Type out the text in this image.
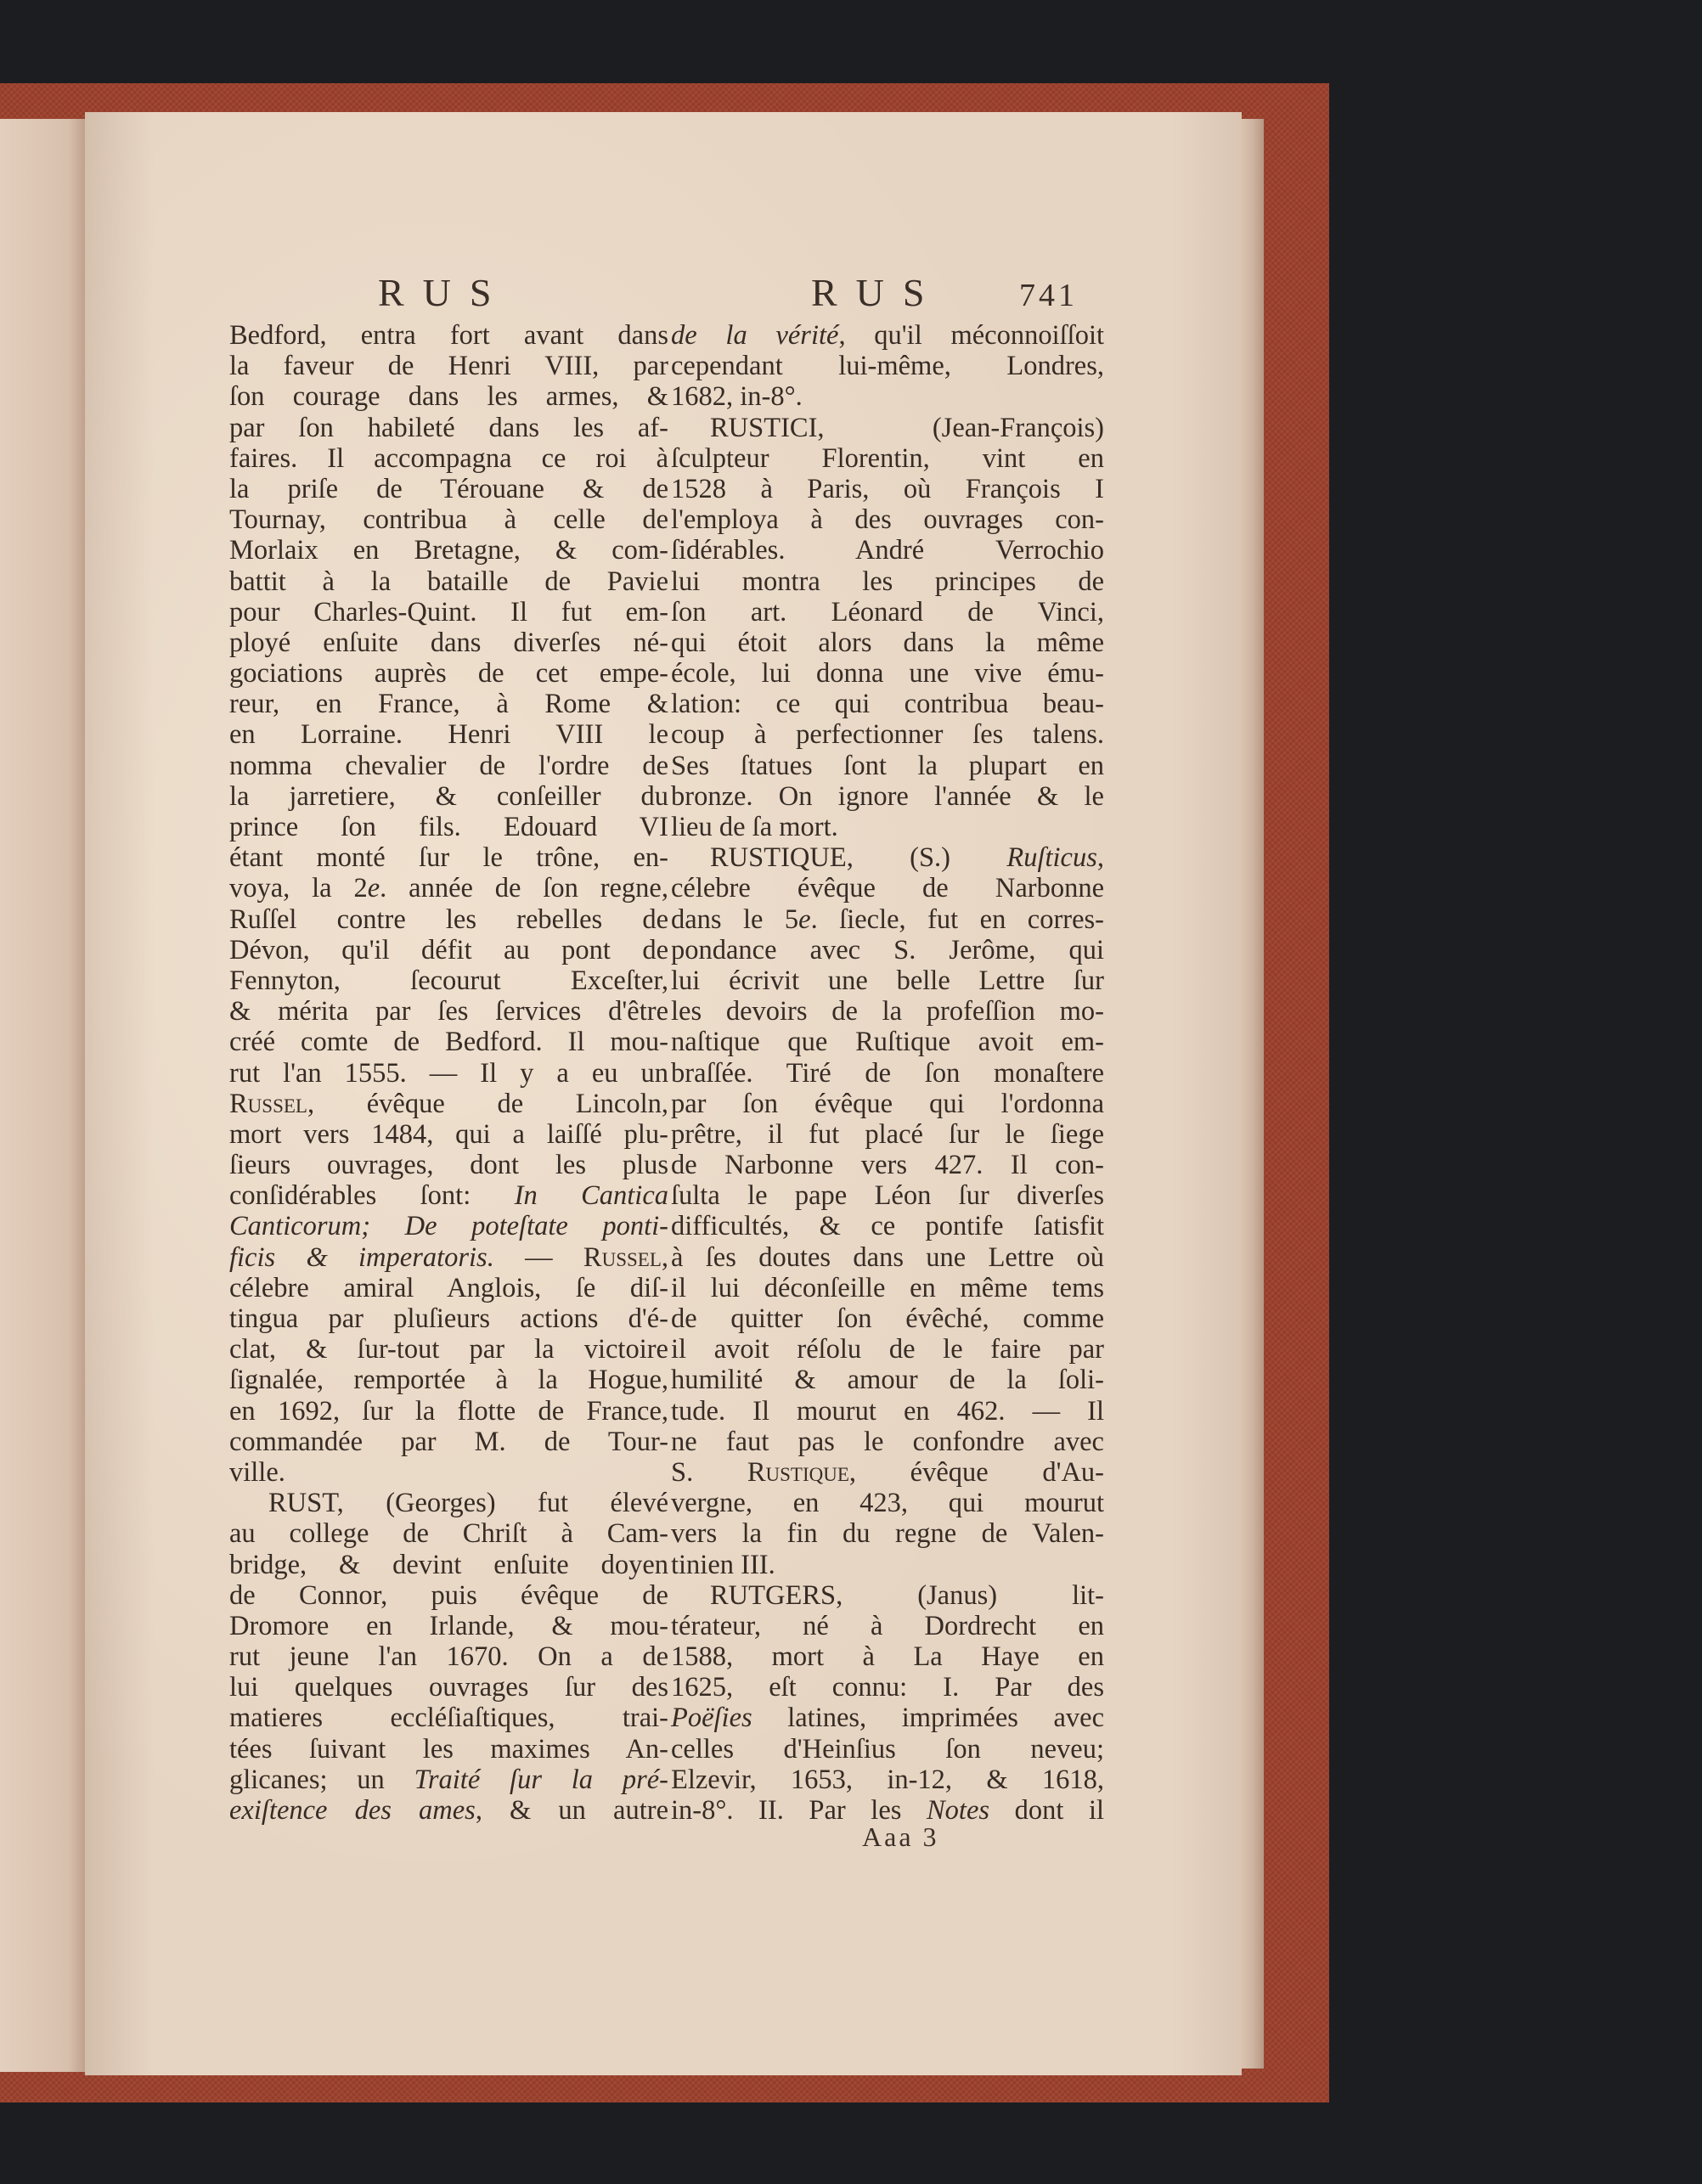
RUS	RUS 741
Bedford, entra fort avant dans
la faveur de Henri VIII, par
ſon courage dans les armes, &
par ſon habileté dans les af-
faires. Il accompagna ce roi à
la priſe de Térouane & de
Tournay, contribua à celle de
Morlaix en Bretagne, & com-
battit à la bataille de Pavie
pour Charles-Quint. Il fut em-
ployé enſuite dans diverſes né-
gociations auprès de cet empe-
reur, en France, à Rome &
en Lorraine. Henri VIII le
nomma chevalier de l'ordre de
la jarretiere, & conſeiller du
prince ſon fils. Edouard VI
étant monté ſur le trône, en-
voya, la 2e. année de ſon regne,
Ruſſel contre les rebelles de
Dévon, qu'il défit au pont de
Fennyton, ſecourut Exceſter,
& mérita par ſes ſervices d'être
créé comte de Bedford. Il mou-
rut l'an 1555. — Il y a eu un
Russel, évêque de Lincoln,
mort vers 1484, qui a laiſſé plu-
ſieurs ouvrages, dont les plus
conſidérables ſont: In Cantica
Canticorum; De poteſtate ponti-
ficis & imperatoris. — Russel,
célebre amiral Anglois, ſe diſ-
tingua par pluſieurs actions d'é-
clat, & ſur-tout par la victoire
ſignalée, remportée à la Hogue,
en 1692, ſur la flotte de France,
commandée par M. de Tour-
ville.
RUST, (Georges) fut élevé
au college de Chriſt à Cam-
bridge, & devint enſuite doyen
de Connor, puis évêque de
Dromore en Irlande, & mou-
rut jeune l'an 1670. On a de
lui quelques ouvrages ſur des
matieres eccléſiaſtiques, trai-
tées ſuivant les maximes An-
glicanes; un Traité ſur la pré-
exiſtence des ames, & un autre
de la vérité, qu'il méconnoiſſoit
cependant lui-même, Londres,
1682, in-8°.
RUSTICI, (Jean-François)
ſculpteur Florentin, vint en
1528 à Paris, où François I
l'employa à des ouvrages con-
ſidérables. André Verrochio
lui montra les principes de
ſon art. Léonard de Vinci,
qui étoit alors dans la même
école, lui donna une vive ému-
lation: ce qui contribua beau-
coup à perfectionner ſes talens.
Ses ſtatues ſont la plupart en
bronze. On ignore l'année & le
lieu de ſa mort.
RUSTIQUE, (S.) Ruſticus,
célebre évêque de Narbonne
dans le 5e. ſiecle, fut en corres-
pondance avec S. Jerôme, qui
lui écrivit une belle Lettre ſur
les devoirs de la profeſſion mo-
naſtique que Ruſtique avoit em-
braſſée. Tiré de ſon monaſtere
par ſon évêque qui l'ordonna
prêtre, il fut placé ſur le ſiege
de Narbonne vers 427. Il con-
ſulta le pape Léon ſur diverſes
difficultés, & ce pontife ſatisfit
à ſes doutes dans une Lettre où
il lui déconſeille en même tems
de quitter ſon évêché, comme
il avoit réſolu de le faire par
humilité & amour de la ſoli-
tude. Il mourut en 462. — Il
ne faut pas le confondre avec
S. Rustique, évêque d'Au-
vergne, en 423, qui mourut
vers la fin du regne de Valen-
tinien III.
RUTGERS, (Janus) lit-
térateur, né à Dordrecht en
1588, mort à La Haye en
1625, eſt connu: I. Par des
Poëſies latines, imprimées avec
celles d'Heinſius ſon neveu;
Elzevir, 1653, in-12, & 1618,
in-8°. II. Par les Notes dont il
Aaa 3
